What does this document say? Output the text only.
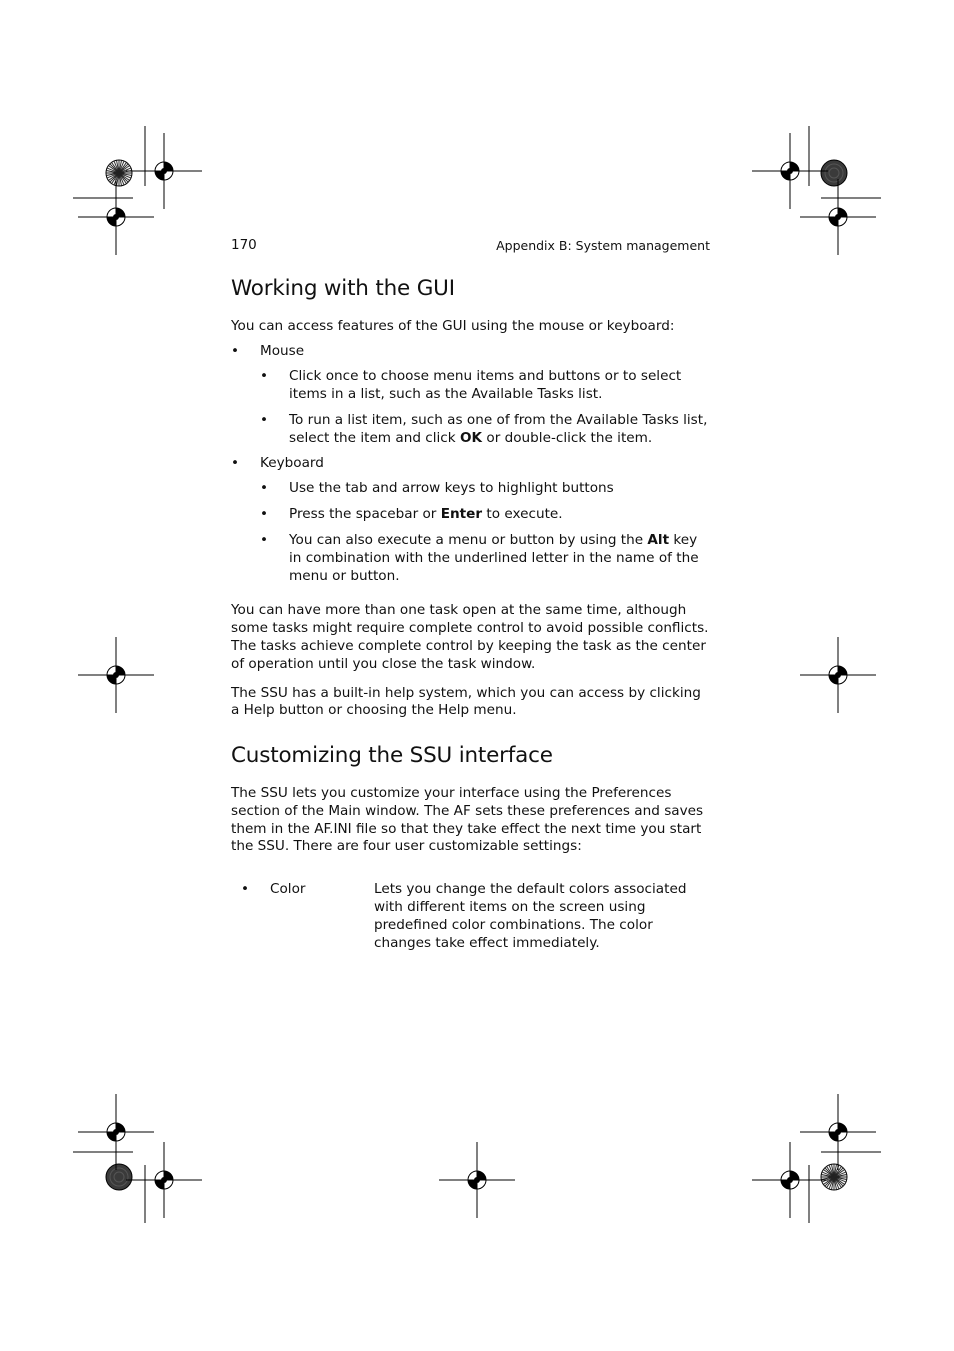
170	Appendix B: System management
Working with the GUI

You can access features of the GUI using the mouse or keyboard:

• Mouse
• Click once to choose menu items and buttons or to select items in a list, such as the Available Tasks list.
• To run a list item, such as one of from the Available Tasks list, select the item and click OK or double-click the item.
• Keyboard
• Use the tab and arrow keys to highlight buttons
• Press the spacebar or Enter to execute.
• You can also execute a menu or button by using the Alt key in combination with the underlined letter in the name of the menu or button.

You can have more than one task open at the same time, although some tasks might require complete control to avoid possible conflicts. The tasks achieve complete control by keeping the task as the center of operation until you close the task window.

The SSU has a built-in help system, which you can access by clicking a Help button or choosing the Help menu.

Customizing the SSU interface

The SSU lets you customize your interface using the Preferences section of the Main window. The AF sets these preferences and saves them in the AF.INI file so that they take effect the next time you start the SSU. There are four user customizable settings:

• Color	Lets you change the default colors associated with different items on the screen using predefined color combinations. The color changes take effect immediately.
